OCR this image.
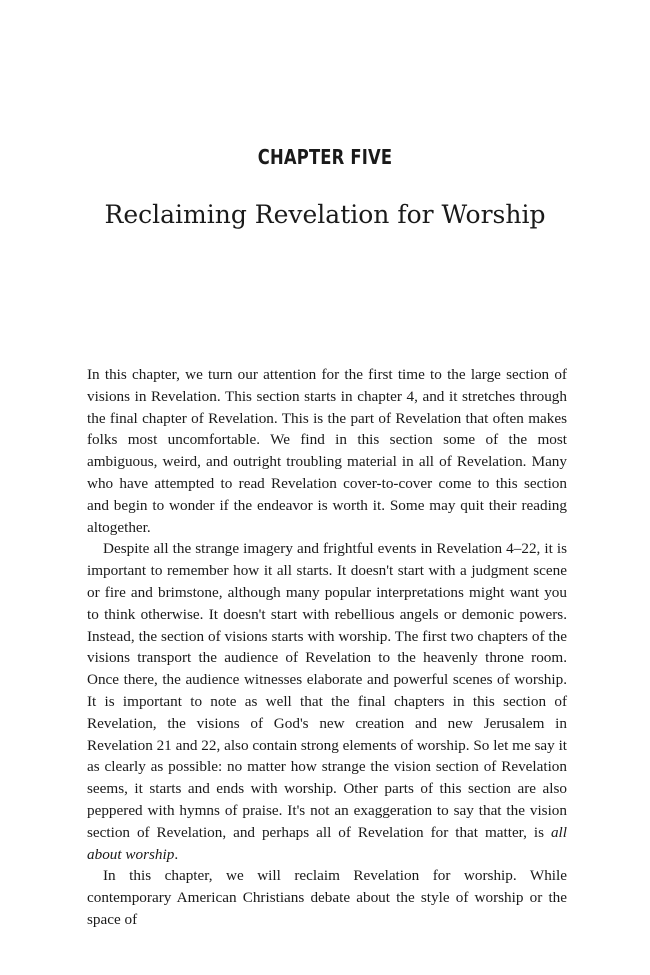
CHAPTER FIVE
Reclaiming Revelation for Worship

In this chapter, we turn our attention for the first time to the large section of visions in Revelation. This section starts in chapter 4, and it stretches through the final chapter of Revelation. This is the part of Revelation that often makes folks most uncomfortable. We find in this section some of the most ambiguous, weird, and outright troubling material in all of Revelation. Many who have attempted to read Revelation cover-to-cover come to this section and begin to wonder if the endeavor is worth it. Some may quit their reading altogether.

Despite all the strange imagery and frightful events in Revelation 4–22, it is important to remember how it all starts. It doesn't start with a judgment scene or fire and brimstone, although many popular interpretations might want you to think otherwise. It doesn't start with rebellious angels or demonic powers. Instead, the section of visions starts with worship. The first two chapters of the visions transport the audience of Revelation to the heavenly throne room. Once there, the audience witnesses elaborate and powerful scenes of worship. It is important to note as well that the final chapters in this section of Revelation, the visions of God's new creation and new Jerusalem in Revelation 21 and 22, also contain strong elements of worship. So let me say it as clearly as possible: no matter how strange the vision section of Revelation seems, it starts and ends with worship. Other parts of this section are also peppered with hymns of praise. It's not an exaggeration to say that the vision section of Revelation, and perhaps all of Revelation for that matter, is all about worship.

In this chapter, we will reclaim Revelation for worship. While contemporary American Christians debate about the style of worship or the space of
